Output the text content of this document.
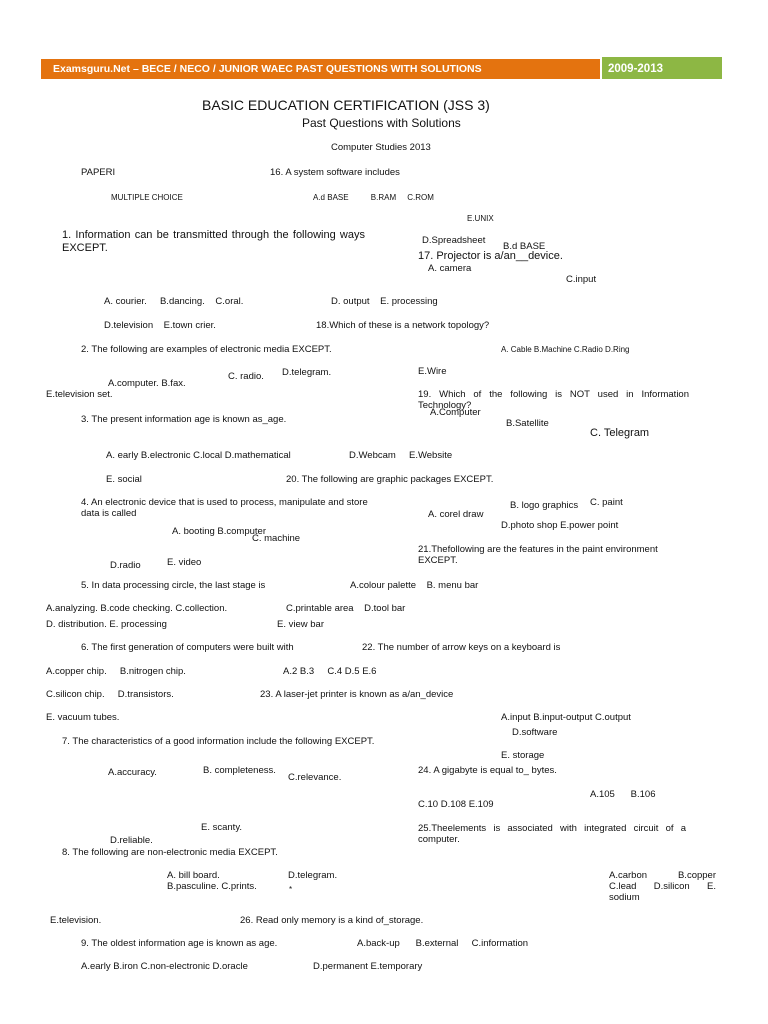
Examsguru.Net – BECE / NECO / JUNIOR WAEC PAST QUESTIONS WITH SOLUTIONS	2009-2013
BASIC EDUCATION CERTIFICATION (JSS 3)
Past Questions with Solutions
Computer Studies 2013
PAPERI
MULTIPLE CHOICE
16. A system software includes
A.d BASE          B.RAM     C.ROM
E.UNIX
1. Information can be transmitted through the following ways EXCEPT.
D.Spreadsheet
B.d BASE
17. Projector is a/an__device.
A. camera
C.input
A. courier.     B.dancing.    C.oral.	D. output    E. processing
D.television    E.town crier.	18.Which of these is a network topology?
2. The following are examples of electronic media EXCEPT.	A. Cable B.Machine C.Radio D.Ring
C. radio. D.telegram.	E.Wire
A.computer. B.fax.
E.television set.	19. Which of the following is NOT used in Information Technology?
A.Computer
3. The present information age is known as_age.	B.Satellite
C. Telegram
A. early B.electronic C.local D.mathematical	D.Webcam     E.Website
E. social	20. The following are graphic packages EXCEPT.
4. An electronic device that is used to process, manipulate and store data is called
B. logo graphics C. paint
A. corel draw
A. booting B.computer
C. machine
D.photo shop E.power point
21.Thefollowing are the features in the paint environment EXCEPT.
E. video
D.radio
5. In data processing circle, the last stage is	A.colour palette    B. menu bar
A.analyzing. B.code checking. C.collection.	C.printable area    D.tool bar
D. distribution. E. processing	E. view bar
6. The first generation of computers were built with	22. The number of arrow keys on a keyboard is
A.copper chip.     B.nitrogen chip.	A.2 B.3     C.4 D.5 E.6
C.silicon chip.     D.transistors.	23. A laser-jet printer is known as a/an_device
E. vacuum tubes.	A.input B.input-output C.output
7. The characteristics of a good information include the following EXCEPT.
D.software
E. storage
A.accuracy.	B. completeness.
C.relevance.
24. A gigabyte is equal to_ bytes.
A.105      B.106
C.10 D.108 E.109
E. scanty.	25.Theelements is associated with integrated circuit of a computer.
D.reliable.
8. The following are non-electronic media EXCEPT.
A. bill board.	D.telegram.
B.pasculine. C.prints.	*
A.carbon B.copper C.lead D.silicon E. sodium
E.television.	26. Read only memory is a kind of_storage.
9. The oldest information age is known as age.	A.back-up      B.external     C.information
A.early B.iron C.non-electronic D.oracle	D.permanent E.temporary
